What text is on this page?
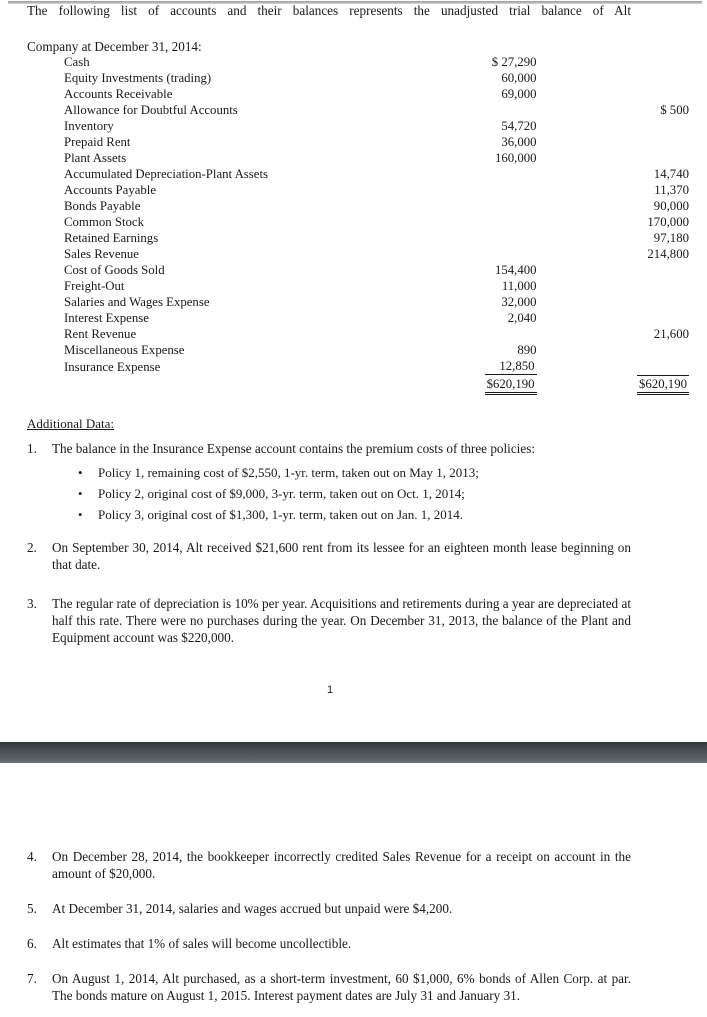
The following list of accounts and their balances represents the unadjusted trial balance of Alt
Company at December 31, 2014:
Cash	$ 27,290	
Equity Investments (trading)	60,000	
Accounts Receivable	69,000	
Allowance for Doubtful Accounts		$ 500
Inventory	54,720	
Prepaid Rent	36,000	
Plant Assets	160,000	
Accumulated Depreciation-Plant Assets		14,740
Accounts Payable		11,370
Bonds Payable		90,000
Common Stock		170,000
Retained Earnings		97,180
Sales Revenue		214,800
Cost of Goods Sold	154,400	
Freight-Out	11,000	
Salaries and Wages Expense	32,000	
Interest Expense	2,040	
Rent Revenue		21,600
Miscellaneous Expense	890	
Insurance Expense	12,850	
	$620,190	$620,190
Additional Data:
1.	The balance in the Insurance Expense account contains the premium costs of three policies:
• Policy 1, remaining cost of $2,550, 1-yr. term, taken out on May 1, 2013;
• Policy 2, original cost of $9,000, 3-yr. term, taken out on Oct. 1, 2014;
• Policy 3, original cost of $1,300, 1-yr. term, taken out on Jan. 1, 2014.
2.	On September 30, 2014, Alt received $21,600 rent from its lessee for an eighteen month lease beginning on that date.
3.	The regular rate of depreciation is 10% per year. Acquisitions and retirements during a year are depreciated at half this rate. There were no purchases during the year. On December 31, 2013, the balance of the Plant and Equipment account was $220,000.
1
4.	On December 28, 2014, the bookkeeper incorrectly credited Sales Revenue for a receipt on account in the amount of $20,000.
5.	At December 31, 2014, salaries and wages accrued but unpaid were $4,200.
6.	Alt estimates that 1% of sales will become uncollectible.
7.	On August 1, 2014, Alt purchased, as a short-term investment, 60 $1,000, 6% bonds of Allen Corp. at par. The bonds mature on August 1, 2015. Interest payment dates are July 31 and January 31.
